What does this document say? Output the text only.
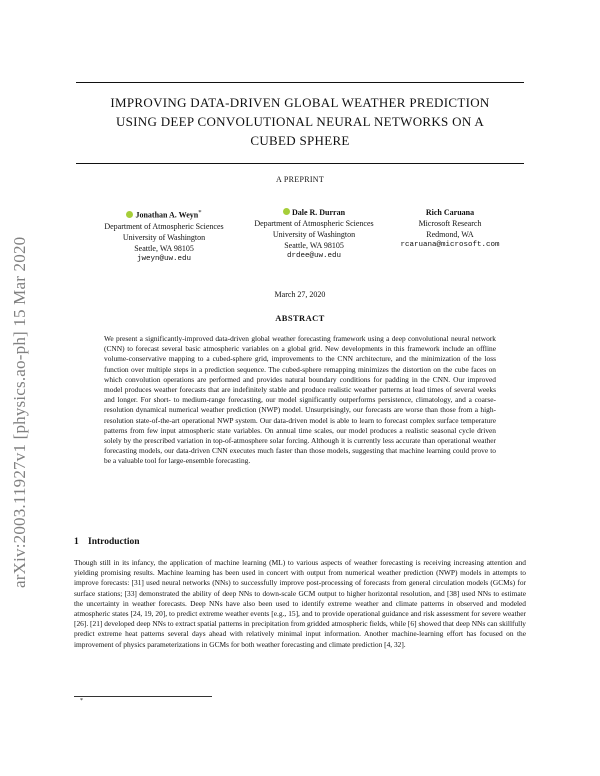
arXiv:2003.11927v1 [physics.ao-ph] 15 Mar 2020
IMPROVING DATA-DRIVEN GLOBAL WEATHER PREDICTION
USING DEEP CONVOLUTIONAL NEURAL NETWORKS ON A
CUBED SPHERE
A PREPRINT
Jonathan A. Weyn*
Department of Atmospheric Sciences
University of Washington
Seattle, WA 98105
jweyn@uw.edu
Dale R. Durran
Department of Atmospheric Sciences
University of Washington
Seattle, WA 98105
drdee@uw.edu
Rich Caruana
Microsoft Research
Redmond, WA
rcaruana@microsoft.com
March 27, 2020
ABSTRACT

We present a significantly-improved data-driven global weather forecasting framework using a deep convolutional neural network (CNN) to forecast several basic atmospheric variables on a global grid. New developments in this framework include an offline volume-conservative mapping to a cubed-sphere grid, improvements to the CNN architecture, and the minimization of the loss function over multiple steps in a prediction sequence. The cubed-sphere remapping minimizes the distortion on the cube faces on which convolution operations are performed and provides natural boundary conditions for padding in the CNN. Our improved model produces weather forecasts that are indefinitely stable and produce realistic weather patterns at lead times of several weeks and longer. For short- to medium-range forecasting, our model significantly outperforms persistence, climatology, and a coarse-resolution dynamical numerical weather prediction (NWP) model. Unsurprisingly, our forecasts are worse than those from a high-resolution state-of-the-art operational NWP system. Our data-driven model is able to learn to forecast complex surface temperature patterns from few input atmospheric state variables. On annual time scales, our model produces a realistic seasonal cycle driven solely by the prescribed variation in top-of-atmosphere solar forcing. Although it is currently less accurate than operational weather forecasting models, our data-driven CNN executes much faster than those models, suggesting that machine learning could prove to be a valuable tool for large-ensemble forecasting.

1 Introduction

Though still in its infancy, the application of machine learning (ML) to various aspects of weather forecasting is receiving increasing attention and yielding promising results. Machine learning has been used in concert with output from numerical weather prediction (NWP) models in attempts to improve forecasts: [31] used neural networks (NNs) to successfully improve post-processing of forecasts from general circulation models (GCMs) for surface stations; [33] demonstrated the ability of deep NNs to down-scale GCM output to higher horizontal resolution, and [38] used NNs to estimate the uncertainty in weather forecasts. Deep NNs have also been used to identify extreme weather and climate patterns in observed and modeled atmospheric states [24, 19, 20], to predict extreme weather events [e.g., 15], and to provide operational guidance and risk assessment for severe weather [26]. [21] developed deep NNs to extract spatial patterns in precipitation from gridded atmospheric fields, while [6] showed that deep NNs can skillfully predict extreme heat patterns several days ahead with relatively minimal input information. Another machine-learning effort has focused on the improvement of physics parameterizations in GCMs for both weather forecasting and climate prediction [4, 32].

*
